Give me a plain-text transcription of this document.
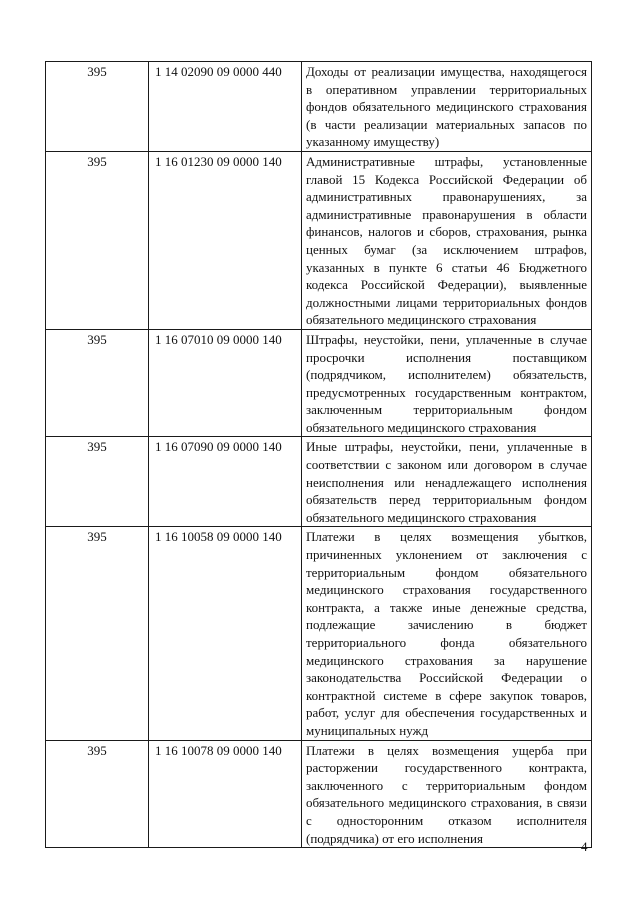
395	1 14 02090 09 0000 440	Доходы от реализации имущества, находящегося в оперативном управлении территориальных фондов обязательного медицинского страхования (в части реализации материальных запасов по указанному имуществу)
395	1 16 01230 09 0000 140	Административные штрафы, установленные главой 15 Кодекса Российской Федерации об административных правонарушениях, за административные правонарушения в области финансов, налогов и сборов, страхования, рынка ценных бумаг (за исключением штрафов, указанных в пункте 6 статьи 46 Бюджетного кодекса Российской Федерации), выявленные должностными лицами территориальных фондов обязательного медицинского страхования
395	1 16 07010 09 0000 140	Штрафы, неустойки, пени, уплаченные в случае просрочки исполнения поставщиком (подрядчиком, исполнителем) обязательств, предусмотренных государственным контрактом, заключенным территориальным фондом обязательного медицинского страхования
395	1 16 07090 09 0000 140	Иные штрафы, неустойки, пени, уплаченные в соответствии с законом или договором в случае неисполнения или ненадлежащего исполнения обязательств перед территориальным фондом обязательного медицинского страхования
395	1 16 10058 09 0000 140	Платежи в целях возмещения убытков, причиненных уклонением от заключения с территориальным фондом обязательного медицинского страхования государственного контракта, а также иные денежные средства, подлежащие зачислению в бюджет территориального фонда обязательного медицинского страхования за нарушение законодательства Российской Федерации о контрактной системе в сфере закупок товаров, работ, услуг для обеспечения государственных и муниципальных нужд
395	1 16 10078 09 0000 140	Платежи в целях возмещения ущерба при расторжении государственного контракта, заключенного с территориальным фондом обязательного медицинского страхования, в связи с односторонним отказом исполнителя (подрядчика) от его исполнения
4
